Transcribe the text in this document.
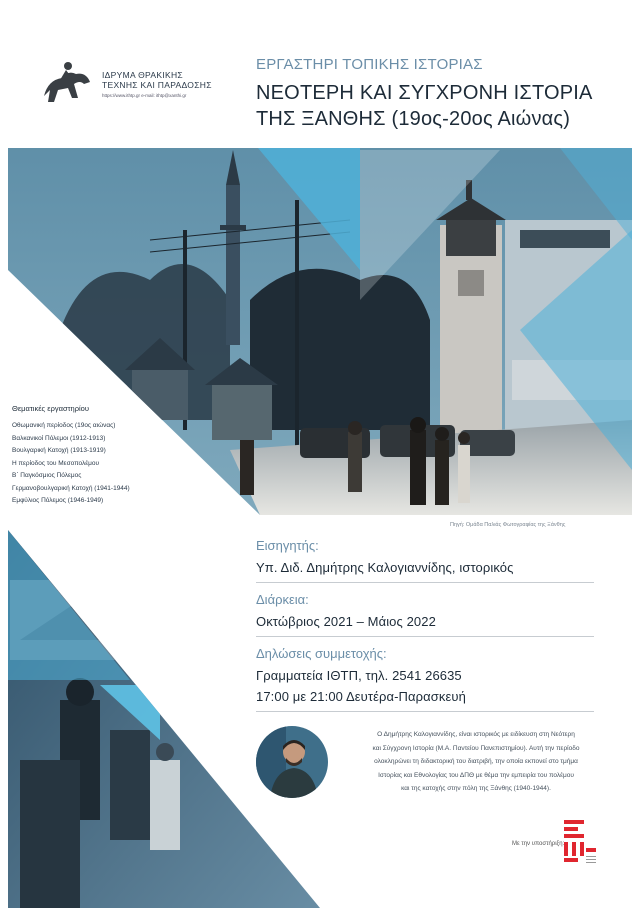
ΙΔΡΥΜΑ ΘΡΑΚΙΚΗΣ
ΤΕΧΝΗΣ ΚΑΙ ΠΑΡΑΔΟΣΗΣ
https://www.ithtp.gr e-mail: ithtp@xanthi.gr
ΕΡΓΑΣΤΗΡΙ ΤΟΠΙΚΗΣ ΙΣΤΟΡΙΑΣ
ΝΕΟΤΕΡΗ ΚΑΙ ΣΥΓΧΡΟΝΗ ΙΣΤΟΡΙΑ
ΤΗΣ ΞΑΝΘΗΣ (19ος-20ος Αιώνας)
Θεματικές εργαστηρίου
Οθωμανική περίοδος (19ος αιώνας)
Βαλκανικοί Πόλεμοι (1912-1913)
Βουλγαρική Κατοχή (1913-1919)
Η περίοδος του Μεσοπολέμου
Β΄ Παγκόσμιος Πόλεμος
Γερμανοβουλγαρική Κατοχή (1941-1944)
Εμφύλιος Πόλεμος (1946-1949)
Πηγή: Ομάδα Παλιάς Φωτογραφίας της Ξάνθης
Εισηγητής:
Υπ. Διδ. Δημήτρης Καλογιαννίδης, ιστορικός
Διάρκεια:
Οκτώβριος 2021 – Μάιος 2022
Δηλώσεις συμμετοχής:
Γραμματεία ΙΘΤΠ, τηλ. 2541 26635
17:00 με 21:00 Δευτέρα-Παρασκευή
Ο Δημήτρης Καλογιαννίδης, είναι ιστορικός με ειδίκευση στη Νεότερη
και Σύγχρονη Ιστορία (Μ.Α. Παντείου Πανεπιστημίου). Αυτή την περίοδο
ολοκληρώνει τη διδακτορική του διατριβή, την οποία εκπονεί στο τμήμα
Ιστορίας και Εθνολογίας του ΔΠΘ με θέμα την εμπειρία του πολέμου
και της κατοχής στην πόλη της Ξάνθης (1940-1944).
Με την υποστήριξη:
